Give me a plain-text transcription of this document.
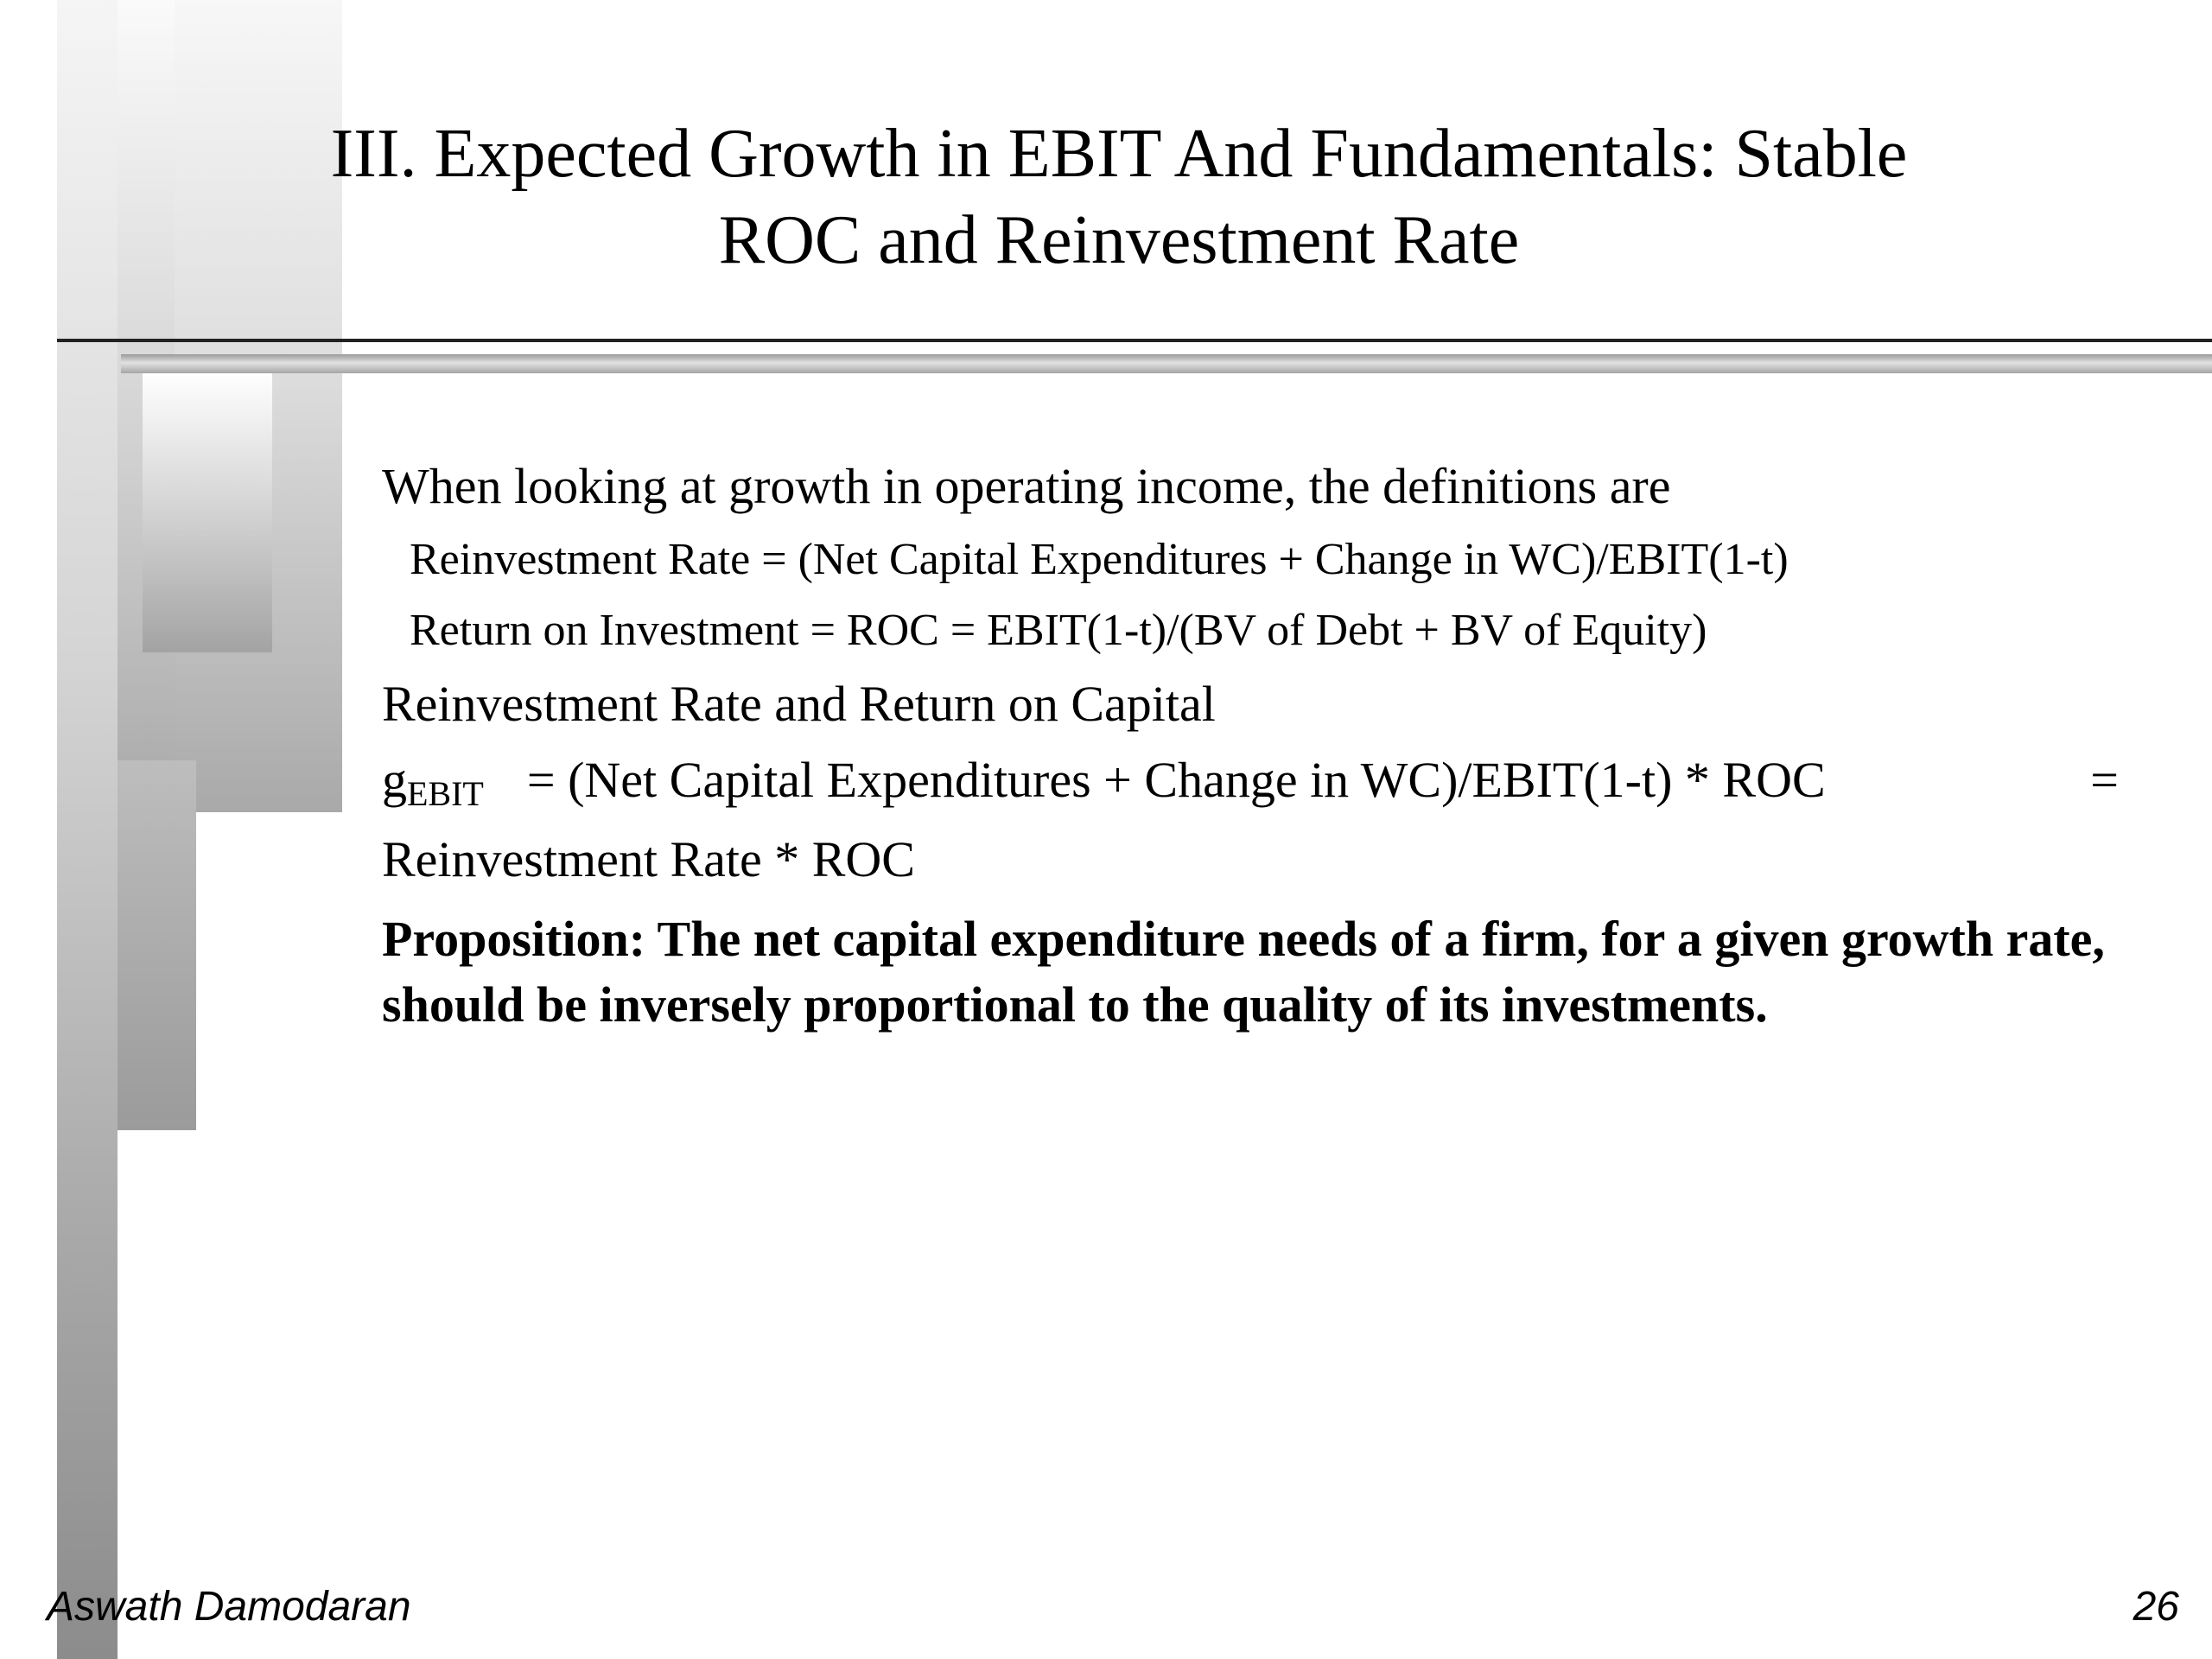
III. Expected Growth in EBIT And Fundamentals: Stable
ROC and Reinvestment Rate

When looking at growth in operating income, the definitions are

Reinvestment Rate = (Net Capital Expenditures + Change in WC)/EBIT(1-t)

Return on Investment = ROC = EBIT(1-t)/(BV of Debt + BV of Equity)

Reinvestment Rate and Return on Capital

$g_{EBIT} = (Net$ Capital Expenditures + Change in WC)/EBIT(1-t) * ROC	=

Reinvestment Rate * ROC

Proposition: The net capital expenditure needs of a firm, for a given growth rate, should be inversely proportional to the quality of its investments.

Aswath Damodaran	26
